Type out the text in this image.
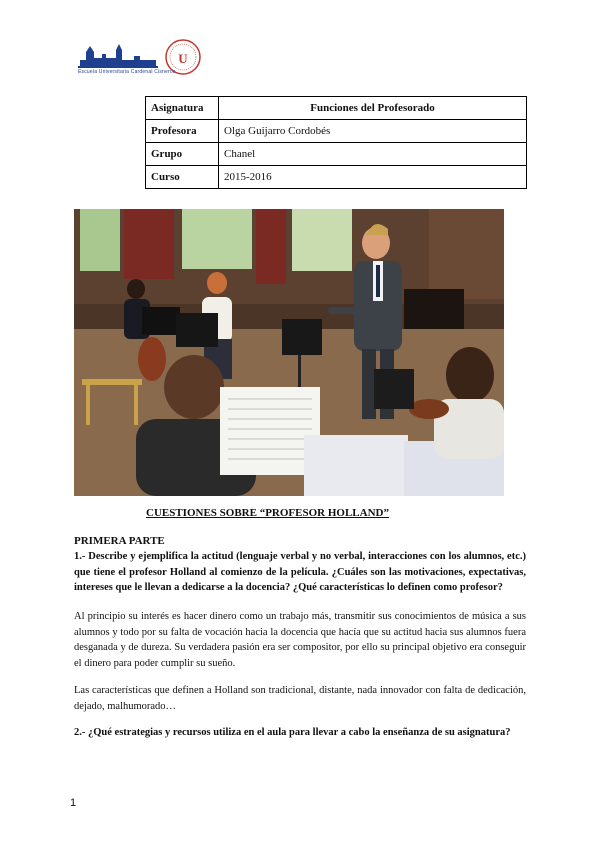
Escuela Universitaria Cardenal Cisneros
U
Asignatura	Funciones del Profesorado
Profesora	Olga Guijarro Cordobés
Grupo	Chanel
Curso	2015-2016
CUESTIONES SOBRE “PROFESOR HOLLAND”
PRIMERA PARTE

1.- Describe y ejemplifica la actitud (lenguaje verbal y no verbal, interacciones con los alumnos, etc.) que tiene el profesor Holland al comienzo de la película. ¿Cuáles son las motivaciones, expectativas, intereses que le llevan a dedicarse a la docencia? ¿Qué características lo definen como profesor?

Al principio su interés es hacer dinero como un trabajo más, transmitir sus conocimientos de música a sus alumnos y todo por su falta de vocación hacia la docencia que hacía que su actitud hacia sus alumnos fuera desganada y de dureza. Su verdadera pasión era ser compositor, por ello su principal objetivo era conseguir el dinero para poder cumplir su sueño.

Las características que definen a Holland son tradicional, distante, nada innovador con falta de dedicación, dejado, malhumorado…

2.- ¿Qué estrategias y recursos utiliza en el aula para llevar a cabo la enseñanza de su asignatura?

1
